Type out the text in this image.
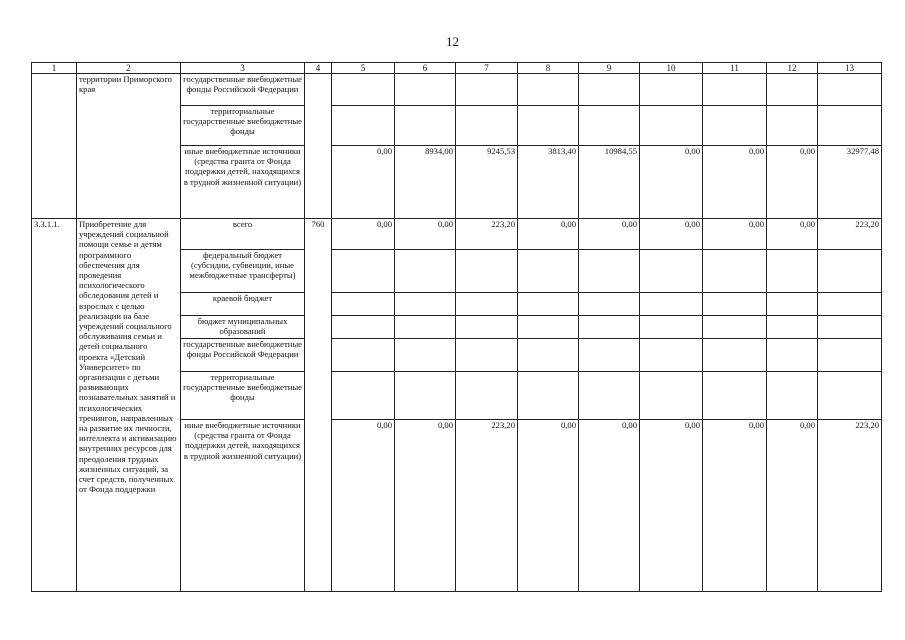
12
1	2	3	4	5	6	7	8	9	10	11	12	13
	территории Приморского края	государственные внебюджетные фонды Российской Федерации										
		территориальные государственные внебюджетные фонды										
		иные внебюджетные источники (средства гранта от Фонда поддержки детей, находящихся в трудной жизненной ситуации)		0,00	8934,00	9245,53	3813,40	10984,55	0,00	0,00	0,00	32977,48
3.3.1.1.	Приобретение для учреждений социальной помощи семье и детям программного обеспечения для проведения психологического обследования детей и взрослых с целью реализации на базе учреждений социального обслуживания семьи и детей социального проекта «Детский Университет» по организации с детьми развивающих познавательных занятий и психологических тренингов, направленных на развитие их личности, интеллекта и активизацию внутренних ресурсов для преодоления трудных жизненных ситуаций, за счет средств, полученных от Фонда поддержки	всего	760	0,00	0,00	223,20	0,00	0,00	0,00	0,00	0,00	223,20
		федеральный бюджет (субсидии, субвенции, иные межбюджетные трансферты)										
		краевой бюджет										
		бюджет муниципальных образований										
		государственные внебюджетные фонды Российской Федерации										
		территориальные государственные внебюджетные фонды										
		иные внебюджетные источники (средства гранта от Фонда поддержки детей, находящихся в трудной жизненной ситуации)		0,00	0,00	223,20	0,00	0,00	0,00	0,00	0,00	223,20
